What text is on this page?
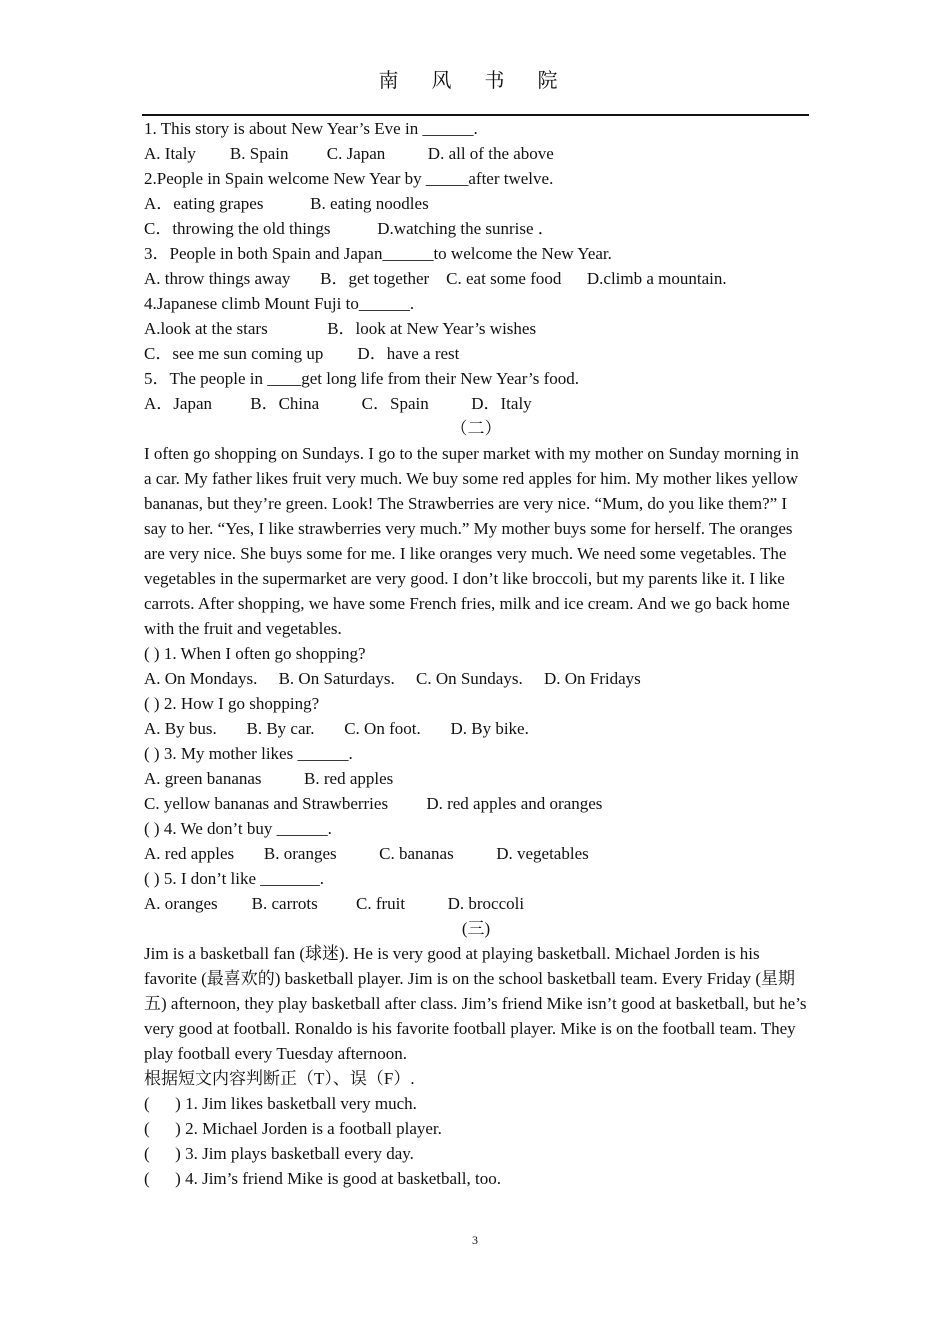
南 风 书 院
1. This story is about New Year’s Eve in ______.
A. Italy        B. Spain         C. Japan          D. all of the above
2.People in Spain welcome New Year by _____after twelve.
A．eating grapes           B. eating noodles
C．throwing the old things           D.watching the sunrise ．
3．People in both Spain and Japan______to welcome the New Year.
A. throw things away       B．get together    C. eat some food      D.climb a mountain.
4.Japanese climb Mount Fuji to______.
A.look at the stars              B．look at New Year’s wishes
C．see me sun coming up        D．have a rest
5．The people in ____get long life from their New Year’s food.
A．Japan         B．China          C．Spain          D．Italy
（二）
I often go shopping on Sundays. I go to the super market with my mother on Sunday morning in a car. My father likes fruit very much. We buy some red apples for him. My mother likes yellow bananas, but they’re green. Look! The Strawberries are very nice. “Mum, do you like them?” I say to her. “Yes, I like strawberries very much.” My mother buys some for herself. The oranges are very nice. She buys some for me. I like oranges very much. We need some vegetables. The vegetables in the supermarket are very good. I don’t like broccoli, but my parents like it. I like carrots. After shopping, we have some French fries, milk and ice cream. And we go back home with the fruit and vegetables.
( ) 1. When I often go shopping?
A. On Mondays.     B. On Saturdays.     C. On Sundays.     D. On Fridays
( ) 2. How I go shopping?
A. By bus.       B. By car.       C. On foot.       D. By bike.
( ) 3. My mother likes ______.
A. green bananas          B. red apples
C. yellow bananas and Strawberries         D. red apples and oranges
( ) 4. We don’t buy ______.
A. red apples       B. oranges          C. bananas          D. vegetables
( ) 5. I don’t like _______.
A. oranges        B. carrots         C. fruit          D. broccoli
(三)
Jim is a basketball fan (球迷). He is very good at playing basketball. Michael Jorden is his favorite (最喜欢的) basketball player. Jim is on the school basketball team. Every Friday (星期五) afternoon, they play basketball after class. Jim’s friend Mike isn’t good at basketball, but he’s very good at football. Ronaldo is his favorite football player. Mike is on the football team. They play football every Tuesday afternoon.
根据短文内容判断正（T）、误（F）.
(      ) 1. Jim likes basketball very much.
(      ) 2. Michael Jorden is a football player.
(      ) 3. Jim plays basketball every day.
(      ) 4. Jim’s friend Mike is good at basketball, too.
3
